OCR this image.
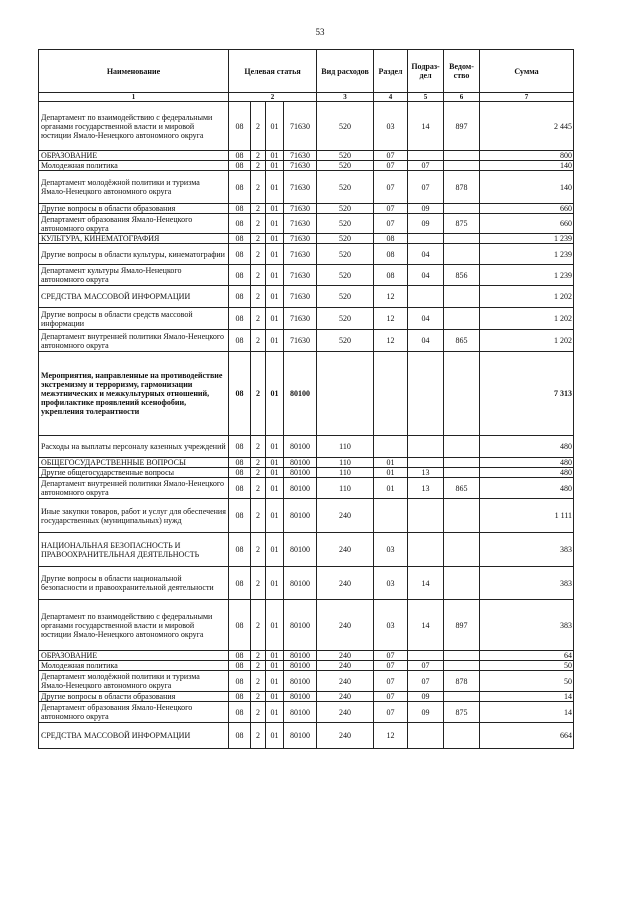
53
Наименование	Целевая статья				Вид расходов	Раздел	Подраз-дел	Ведом-ство	Сумма
1	2				3	4	5	6	7
Департамент по взаимодействию с федеральными органами государственной власти и мировой юстиции Ямало-Ненецкого автономного округа	08	2	01	71630	520	03	14	897	2 445
ОБРАЗОВАНИЕ	08	2	01	71630	520	07			800
Молодежная политика	08	2	01	71630	520	07	07		140
Департамент молодёжной политики и туризма Ямало-Ненецкого автономного округа	08	2	01	71630	520	07	07	878	140
Другие вопросы в области образования	08	2	01	71630	520	07	09		660
Департамент образования Ямало-Ненецкого автономного округа	08	2	01	71630	520	07	09	875	660
КУЛЬТУРА, КИНЕМАТОГРАФИЯ	08	2	01	71630	520	08			1 239
Другие вопросы в области культуры, кинематографии	08	2	01	71630	520	08	04		1 239
Департамент культуры Ямало-Ненецкого автономного округа	08	2	01	71630	520	08	04	856	1 239
СРЕДСТВА МАССОВОЙ ИНФОРМАЦИИ	08	2	01	71630	520	12			1 202
Другие вопросы в области средств массовой информации	08	2	01	71630	520	12	04		1 202
Департамент внутренней политики Ямало-Ненецкого автономного округа	08	2	01	71630	520	12	04	865	1 202
Мероприятия, направленные на противодействие экстремизму и терроризму, гармонизации межэтнических и межкультурных отношений, профилактике проявлений ксенофобии, укрепления толерантности	08	2	01	80100					7 313
Расходы на выплаты персоналу казенных учреждений	08	2	01	80100	110				480
ОБЩЕГОСУДАРСТВЕННЫЕ ВОПРОСЫ	08	2	01	80100	110	01			480
Другие общегосударственные вопросы	08	2	01	80100	110	01	13		480
Департамент внутренней политики Ямало-Ненецкого автономного округа	08	2	01	80100	110	01	13	865	480
Иные закупки товаров, работ и услуг для обеспечения государственных (муниципальных) нужд	08	2	01	80100	240				1 111
НАЦИОНАЛЬНАЯ БЕЗОПАСНОСТЬ И ПРАВООХРАНИТЕЛЬНАЯ ДЕЯТЕЛЬНОСТЬ	08	2	01	80100	240	03			383
Другие вопросы в области национальной безопасности и правоохранительной деятельности	08	2	01	80100	240	03	14		383
Департамент по взаимодействию с федеральными органами государственной власти и мировой юстиции Ямало-Ненецкого автономного округа	08	2	01	80100	240	03	14	897	383
ОБРАЗОВАНИЕ	08	2	01	80100	240	07			64
Молодежная политика	08	2	01	80100	240	07	07		50
Департамент молодёжной политики и туризма Ямало-Ненецкого автономного округа	08	2	01	80100	240	07	07	878	50
Другие вопросы в области образования	08	2	01	80100	240	07	09		14
Департамент образования Ямало-Ненецкого автономного округа	08	2	01	80100	240	07	09	875	14
СРЕДСТВА МАССОВОЙ ИНФОРМАЦИИ	08	2	01	80100	240	12			664
